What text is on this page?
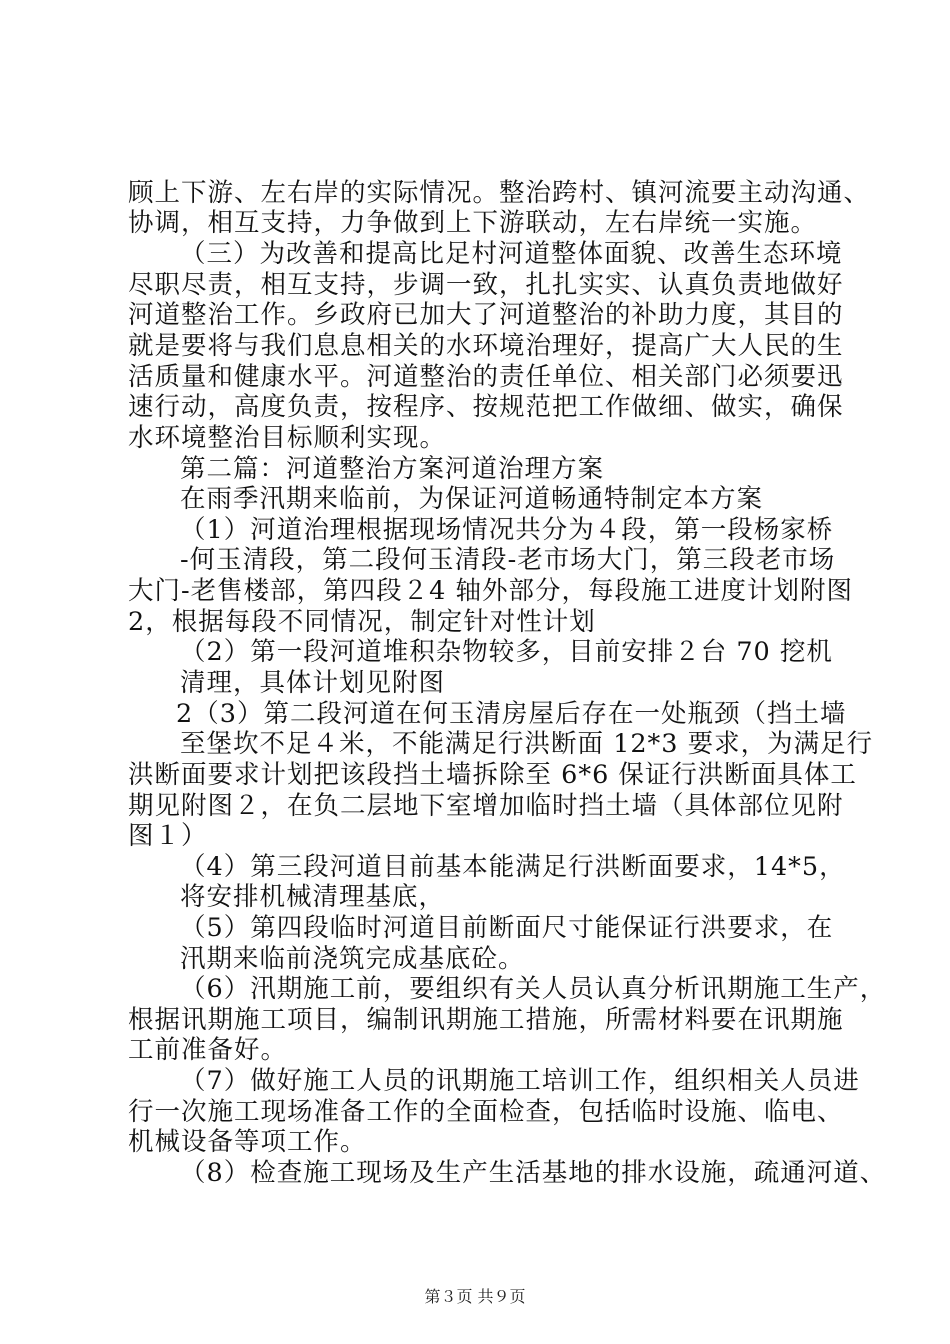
顾上下游、左右岸的实际情况。整治跨村、镇河流要主动沟通、
协调，相互支持，力争做到上下游联动，左右岸统一实施。
（三）为改善和提高比足村河道整体面貌、改善生态环境
尽职尽责，相互支持，步调一致，扎扎实实、认真负责地做好
河道整治工作。乡政府已加大了河道整治的补助力度，其目的
就是要将与我们息息相关的水环境治理好，提高广大人民的生
活质量和健康水平。河道整治的责任单位、相关部门必须要迅
速行动，高度负责，按程序、按规范把工作做细、做实，确保
水环境整治目标顺利实现。
第二篇：河道整治方案河道治理方案
在雨季汛期来临前，为保证河道畅通特制定本方案
（1）河道治理根据现场情况共分为４段，第一段杨家桥
-何玉清段，第二段何玉清段-老市场大门，第三段老市场
大门-老售楼部，第四段２4 轴外部分，每段施工进度计划附图
2，根据每段不同情况，制定针对性计划
（2）第一段河道堆积杂物较多，目前安排２台 70 挖机
清理，具体计划见附图
2（3）第二段河道在何玉清房屋后存在一处瓶颈（挡土墙
至堡坎不足４米，不能满足行洪断面 12*3 要求，为满足行
洪断面要求计划把该段挡土墙拆除至 6*6 保证行洪断面具体工
期见附图２，在负二层地下室增加临时挡土墙（具体部位见附
图１）
（4）第三段河道目前基本能满足行洪断面要求，14*5，
将安排机械清理基底，
（5）第四段临时河道目前断面尺寸能保证行洪要求，在
汛期来临前浇筑完成基底砼。
（6）汛期施工前，要组织有关人员认真分析讯期施工生产，
根据讯期施工项目，编制讯期施工措施，所需材料要在讯期施
工前准备好。
（7）做好施工人员的讯期施工培训工作，组织相关人员进
行一次施工现场准备工作的全面检查，包括临时设施、临电、
机械设备等项工作。
（8）检查施工现场及生产生活基地的排水设施，疏通河道、
第３页 共９页
